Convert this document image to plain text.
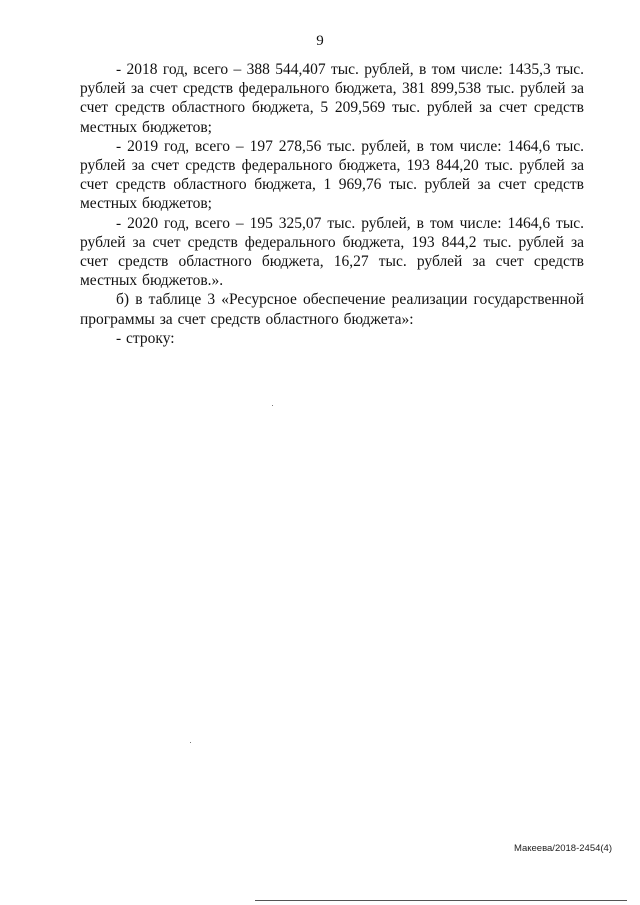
9

- 2018 год, всего – 388 544,407 тыс. рублей, в том числе: 1435,3 тыс. рублей за счет средств федерального бюджета, 381 899,538 тыс. рублей за счет средств областного бюджета, 5 209,569 тыс. рублей за счет средств местных бюджетов;

- 2019 год, всего – 197 278,56 тыс. рублей, в том числе: 1464,6 тыс. рублей за счет средств федерального бюджета, 193 844,20 тыс. рублей за счет средств областного бюджета, 1 969,76 тыс. рублей за счет средств местных бюджетов;

- 2020 год, всего – 195 325,07 тыс. рублей, в том числе: 1464,6 тыс. рублей за счет средств федерального бюджета, 193 844,2 тыс. рублей за счет средств областного бюджета, 16,27 тыс. рублей за счет средств местных бюджетов.».

б) в таблице 3 «Ресурсное обеспечение реализации государственной программы за счет средств областного бюджета»:

- строку:

Макеева/2018-2454(4)
